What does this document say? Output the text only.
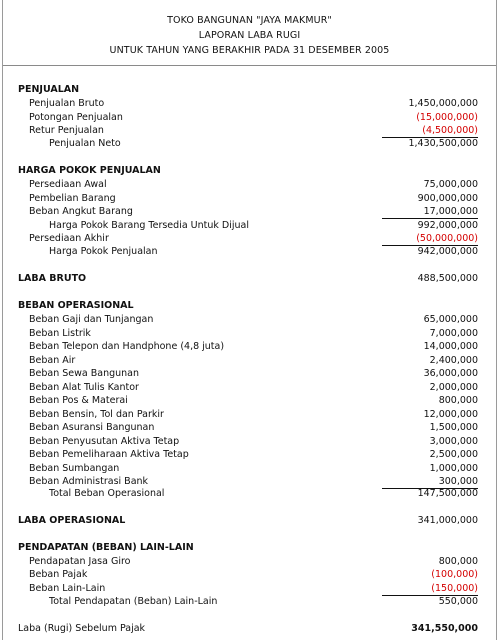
TOKO BANGUNAN "JAYA MAKMUR"
LAPORAN LABA RUGI
UNTUK TAHUN YANG BERAKHIR PADA 31 DESEMBER 2005
PENJUALAN
Penjualan Bruto	1,450,000,000
Potongan Penjualan	(15,000,000)
Retur Penjualan	(4,500,000)
Penjualan Neto	1,430,500,000
HARGA POKOK PENJUALAN
Persediaan Awal	75,000,000
Pembelian Barang	900,000,000
Beban Angkut Barang	17,000,000
Harga Pokok Barang Tersedia Untuk Dijual	992,000,000
Persediaan Akhir	(50,000,000)
Harga Pokok Penjualan	942,000,000
LABA BRUTO	488,500,000
BEBAN OPERASIONAL
Beban Gaji dan Tunjangan	65,000,000
Beban Listrik	7,000,000
Beban Telepon dan Handphone (4,8 juta)	14,000,000
Beban Air	2,400,000
Beban Sewa Bangunan	36,000,000
Beban Alat Tulis Kantor	2,000,000
Beban Pos & Materai	800,000
Beban Bensin, Tol dan Parkir	12,000,000
Beban Asuransi Bangunan	1,500,000
Beban Penyusutan Aktiva Tetap	3,000,000
Beban Pemeliharaan Aktiva Tetap	2,500,000
Beban Sumbangan	1,000,000
Beban Administrasi Bank	300,000
Total Beban Operasional	147,500,000
LABA OPERASIONAL	341,000,000
PENDAPATAN (BEBAN) LAIN-LAIN
Pendapatan Jasa Giro	800,000
Beban Pajak	(100,000)
Beban Lain-Lain	(150,000)
Total Pendapatan (Beban) Lain-Lain	550,000
Laba (Rugi) Sebelum Pajak	341,550,000
